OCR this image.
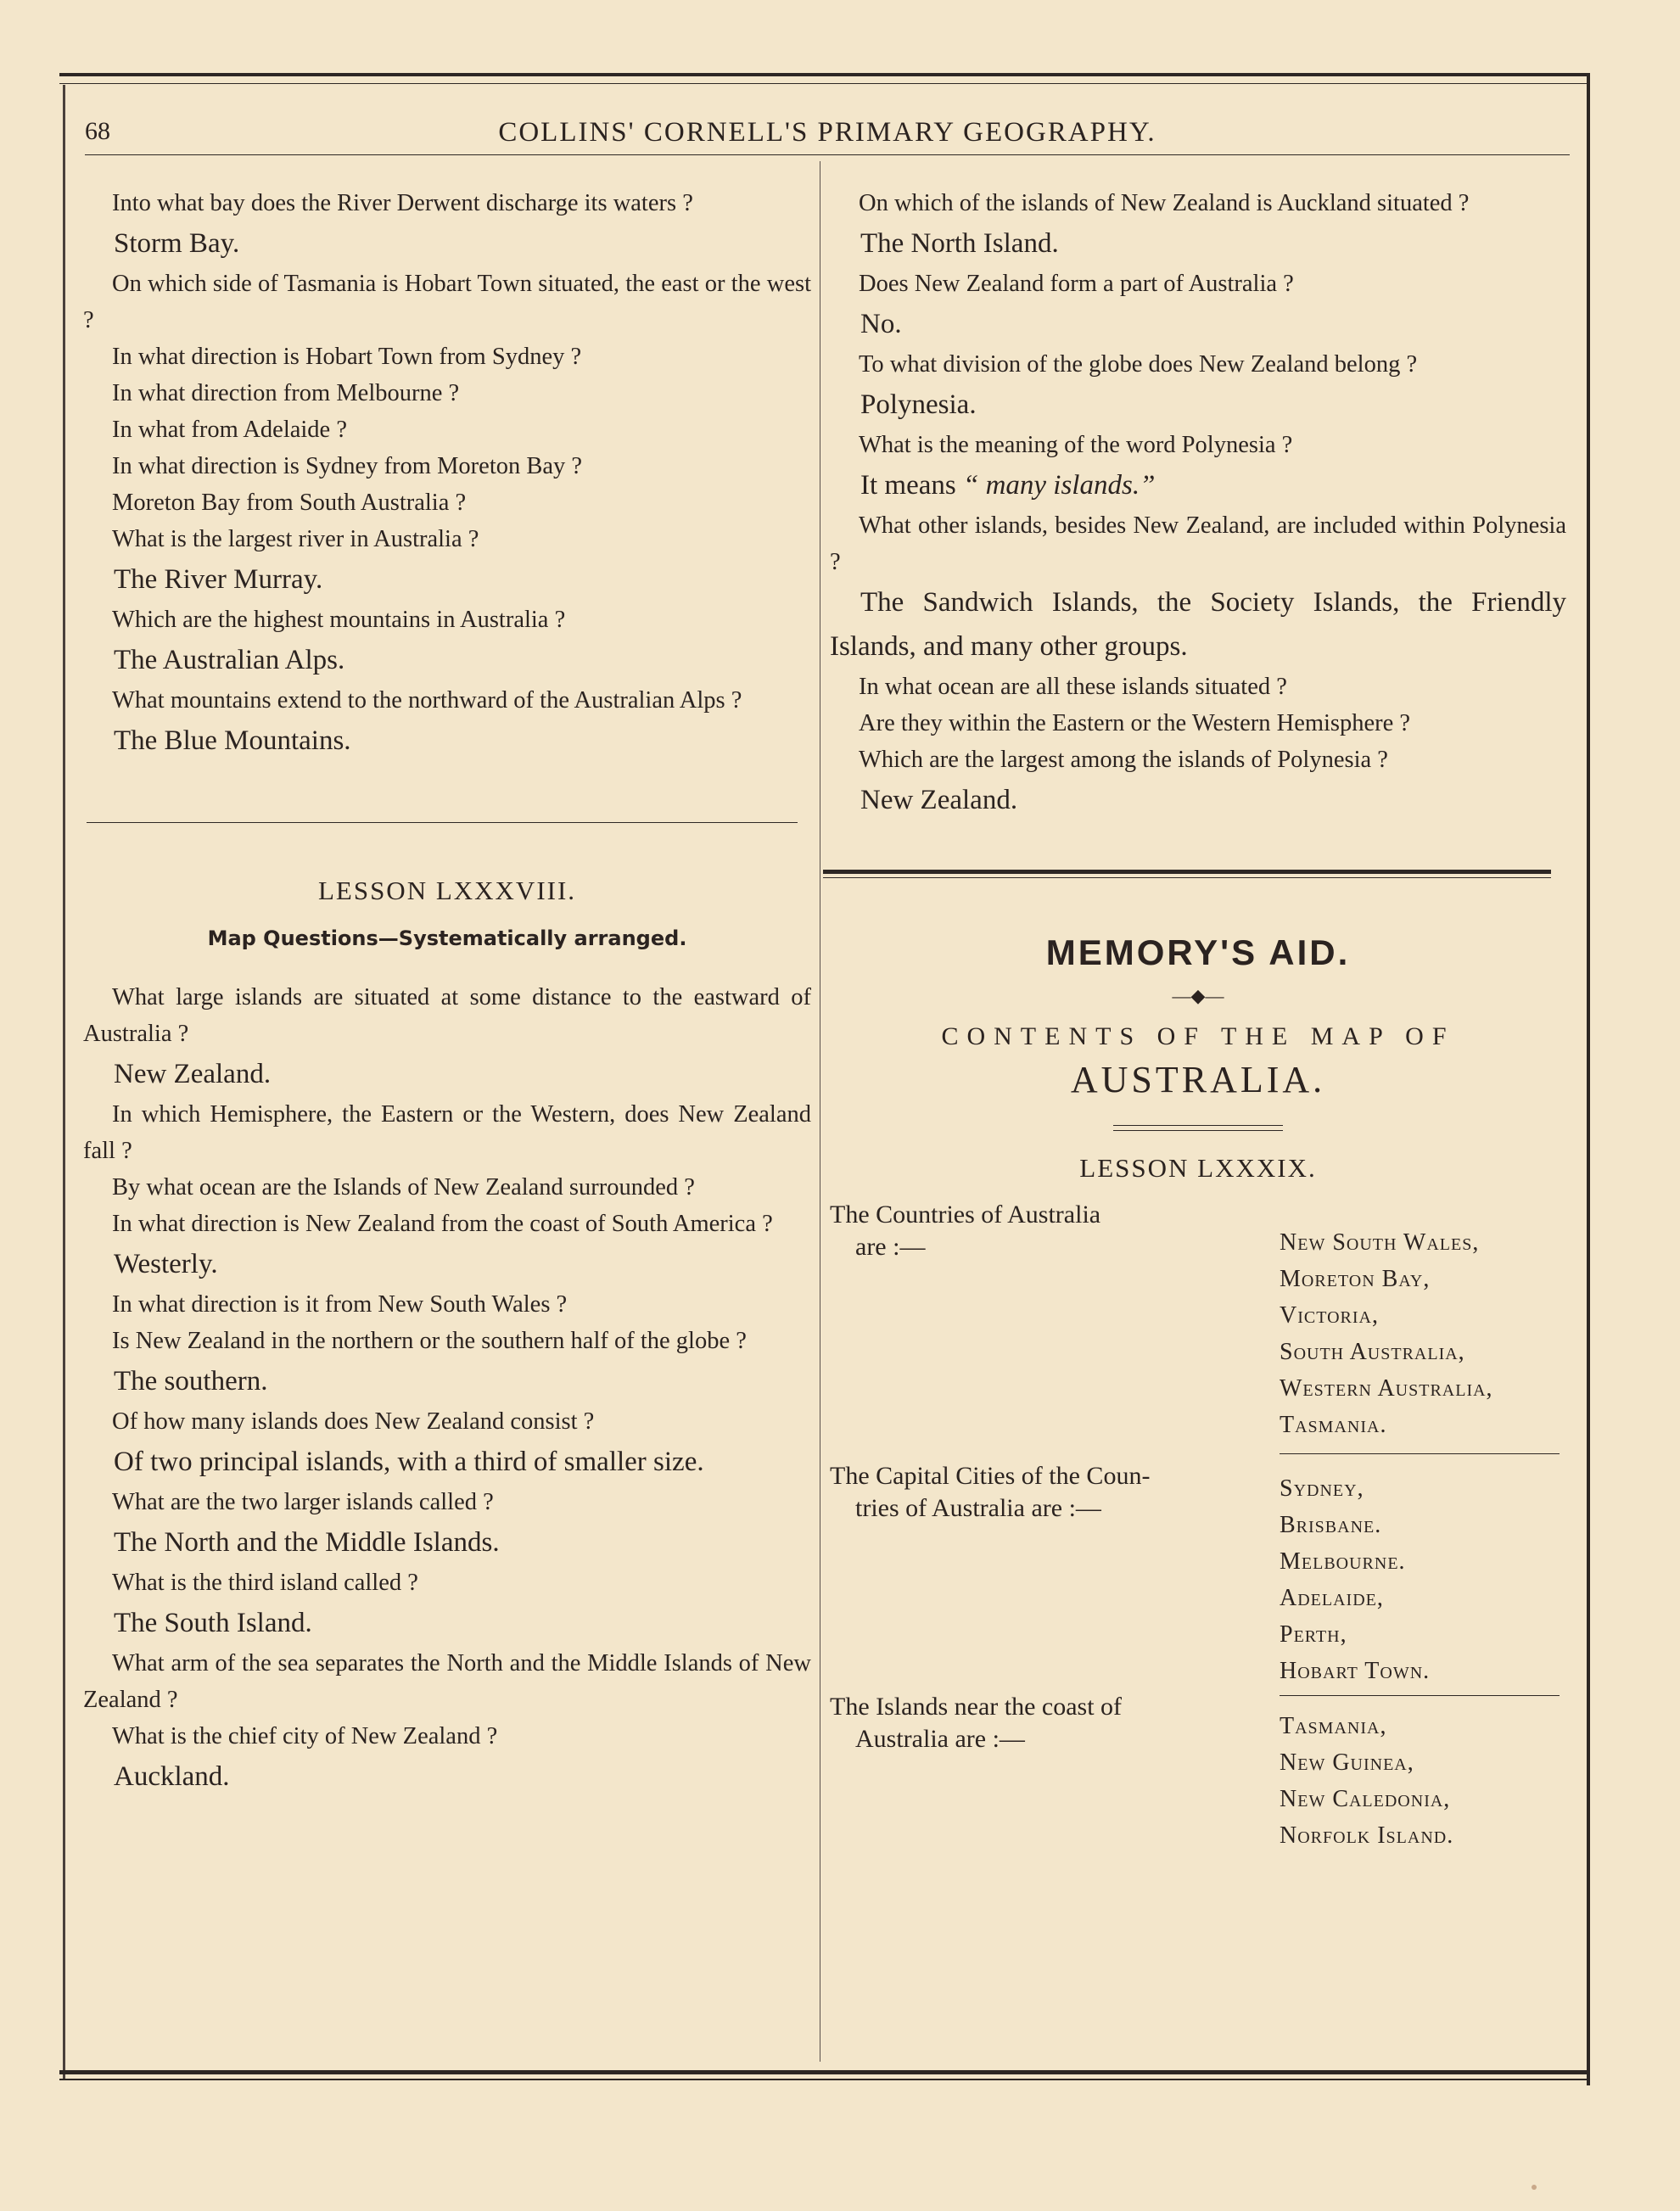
68	COLLINS' CORNELL'S PRIMARY GEOGRAPHY.

Into what bay does the River Derwent discharge its waters ?

Storm Bay.

On which side of Tasmania is Hobart Town situated, the east or the west ?

In what direction is Hobart Town from Sydney ?

In what direction from Melbourne ?

In what from Adelaide ?

In what direction is Sydney from Moreton Bay ?

Moreton Bay from South Australia ?

What is the largest river in Australia ?

The River Murray.

Which are the highest mountains in Australia ?

The Australian Alps.

What mountains extend to the northward of the Australian Alps ?

The Blue Mountains.

LESSON LXXXVIII.
Map Questions—Systematically arranged.

What large islands are situated at some distance to the eastward of Australia ?

New Zealand.

In which Hemisphere, the Eastern or the Western, does New Zealand fall ?

By what ocean are the Islands of New Zealand surrounded ?

In what direction is New Zealand from the coast of South America ?

Westerly.

In what direction is it from New South Wales ?

Is New Zealand in the northern or the southern half of the globe ?

The southern.

Of how many islands does New Zealand consist ?

Of two principal islands, with a third of smaller size.

What are the two larger islands called ?

The North and the Middle Islands.

What is the third island called ?

The South Island.

What arm of the sea separates the North and the Middle Islands of New Zealand ?

What is the chief city of New Zealand ?

Auckland.

On which of the islands of New Zealand is Auckland situated ?

The North Island.

Does New Zealand form a part of Australia ?

No.

To what division of the globe does New Zealand belong ?

Polynesia.

What is the meaning of the word Polynesia ?

It means “ many islands.”

What other islands, besides New Zealand, are included within Polynesia ?

The Sandwich Islands, the Society Islands, the Friendly Islands, and many other groups.

In what ocean are all these islands situated ?

Are they within the Eastern or the Western Hemisphere ?

Which are the largest among the islands of Polynesia ?

New Zealand.

MEMORY'S AID.
—◆—
CONTENTS OF THE MAP OF
AUSTRALIA.
LESSON LXXXIX.
The Countries of Australia
are :—	New South Wales,
Moreton Bay,
Victoria,
South Australia,
Western Australia,
Tasmania.
The Capital Cities of the Coun-
tries of Australia are :—
Sydney,
Brisbane.
Melbourne.
Adelaide,
Perth,
Hobart Town.
The Islands near the coast of
Australia are :—	Tasmania,
New Guinea,
New Caledonia,
Norfolk Island.
